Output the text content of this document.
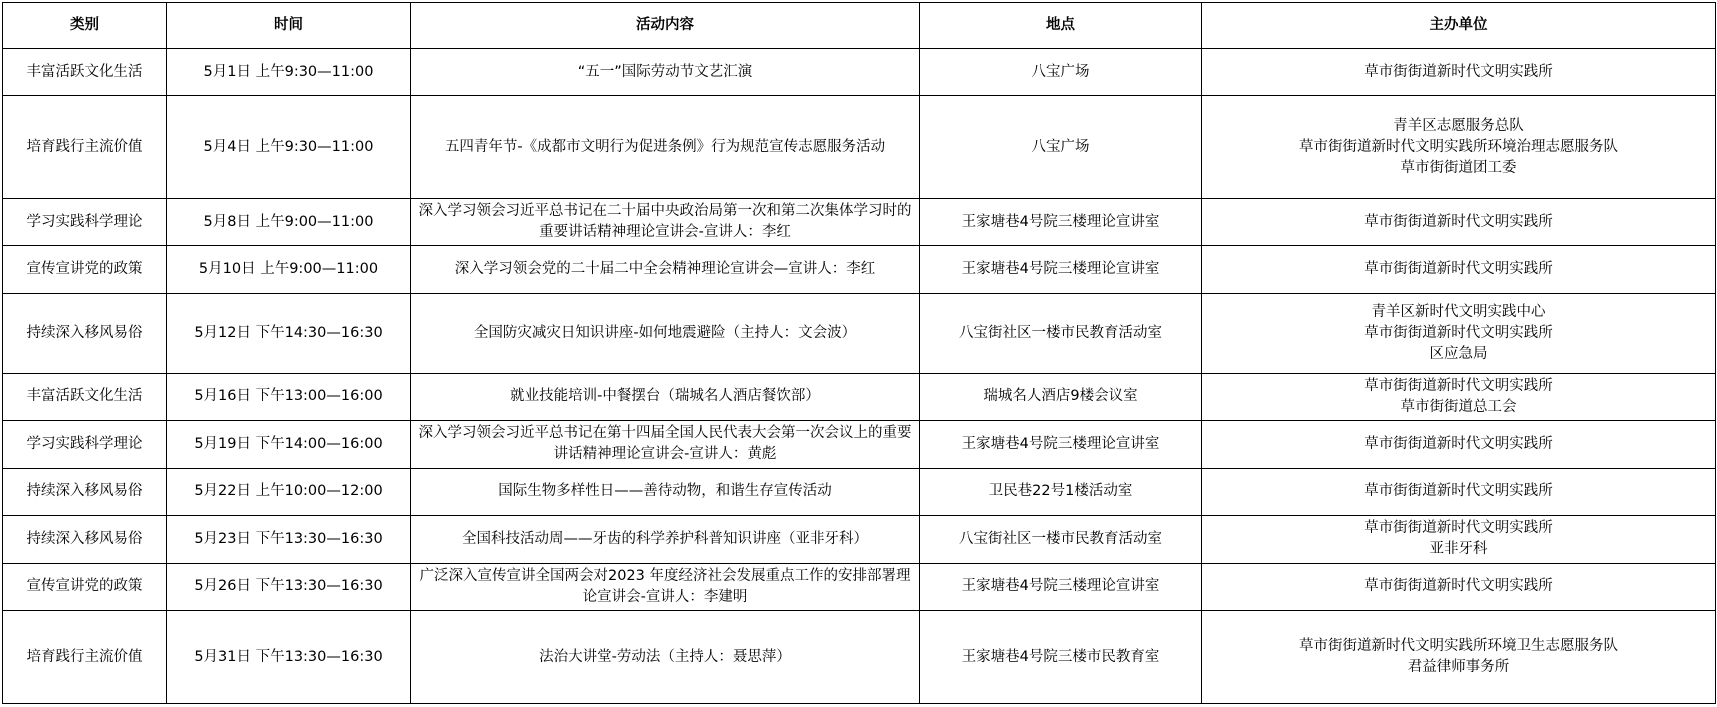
类别	时间	活动内容	地点	主办单位
丰富活跃文化生活	5月1日 上午9:30—11:00	“五一”国际劳动节文艺汇演	八宝广场	草市街街道新时代文明实践所

培育践行主流价值	5月4日 上午9:30—11:00	五四青年节-《成都市文明行为促进条例》行为规范宣传志愿服务活动	八宝广场	青羊区志愿服务总队
草市街街道新时代文明实践所环境治理志愿服务队
草市街街道团工委

学习实践科学理论	5月8日 上午9:00—11:00	深入学习领会习近平总书记在二十届中央政治局第一次和第二次集体学习时的
重要讲话精神理论宣讲会-宣讲人：李红	王家塘巷4号院三楼理论宣讲室	草市街街道新时代文明实践所

宣传宣讲党的政策	5月10日 上午9:00—11:00	深入学习领会党的二十届二中全会精神理论宣讲会—宣讲人：李红	王家塘巷4号院三楼理论宣讲室	草市街街道新时代文明实践所

持续深入移风易俗	5月12日 下午14:30—16:30	全国防灾减灾日知识讲座-如何地震避险（主持人：文会波）	八宝街社区一楼市民教育活动室	青羊区新时代文明实践中心
草市街街道新时代文明实践所
区应急局

丰富活跃文化生活	5月16日 下午13:00—16:00	就业技能培训-中餐摆台（瑞城名人酒店餐饮部）	瑞城名人酒店9楼会议室	草市街街道新时代文明实践所
草市街街道总工会

学习实践科学理论	5月19日 下午14:00—16:00	深入学习领会习近平总书记在第十四届全国人民代表大会第一次会议上的重要
讲话精神理论宣讲会-宣讲人：黄彪	王家塘巷4号院三楼理论宣讲室	草市街街道新时代文明实践所

持续深入移风易俗	5月22日 上午10:00—12:00	国际生物多样性日——善待动物，和谐生存宣传活动	卫民巷22号1楼活动室	草市街街道新时代文明实践所

持续深入移风易俗	5月23日 下午13:30—16:30	全国科技活动周——牙齿的科学养护科普知识讲座（亚非牙科）	八宝街社区一楼市民教育活动室	草市街街道新时代文明实践所
亚非牙科

宣传宣讲党的政策	5月26日 下午13:30—16:30	广泛深入宣传宣讲全国两会对2023 年度经济社会发展重点工作的安排部署理
论宣讲会-宣讲人：李建明	王家塘巷4号院三楼理论宣讲室	草市街街道新时代文明实践所

培育践行主流价值	5月31日 下午13:30—16:30	法治大讲堂-劳动法（主持人：聂思萍）	王家塘巷4号院三楼市民教育室	草市街街道新时代文明实践所环境卫生志愿服务队
君益律师事务所
